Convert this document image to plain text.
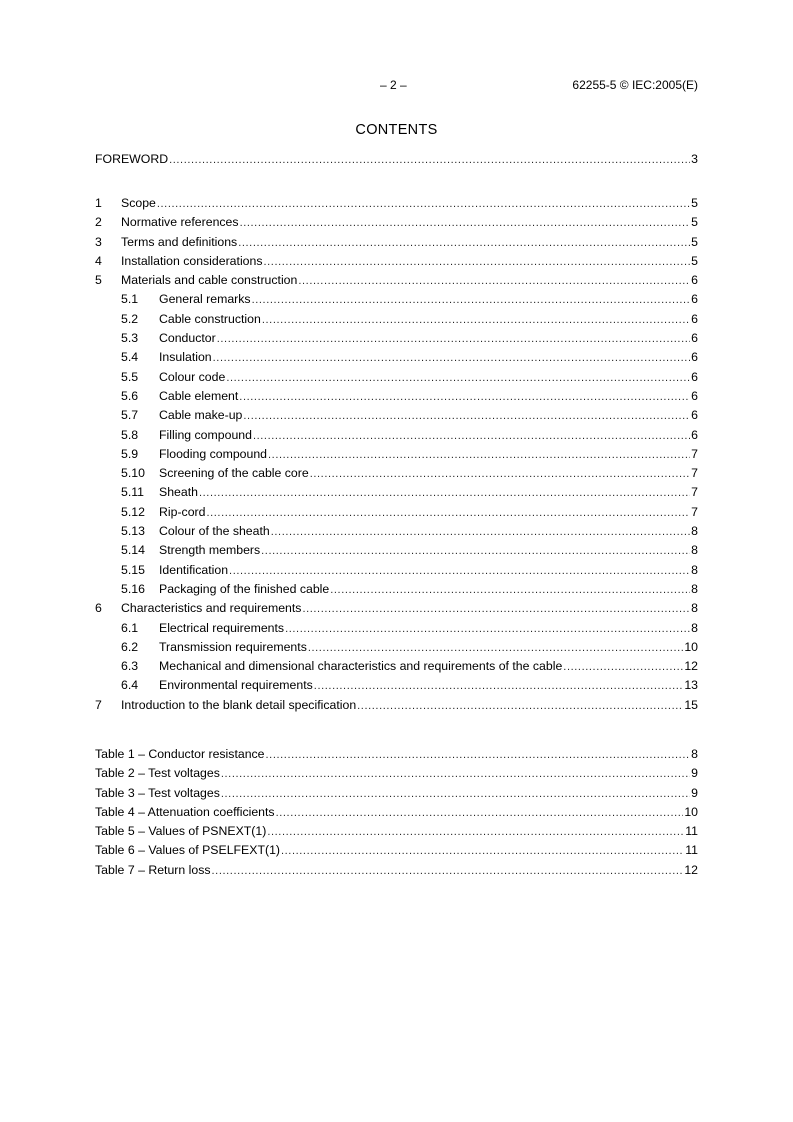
– 2 –	62255-5 © IEC:2005(E)
CONTENTS
FOREWORD .....	3
1	Scope .....	5
2	Normative references .....	5
3	Terms and definitions .....	5
4	Installation considerations .....	5
5	Materials and cable construction .....	6
5.1	General remarks .....	6
5.2	Cable construction .....	6
5.3	Conductor .....	6
5.4	Insulation .....	6
5.5	Colour code .....	6
5.6	Cable element .....	6
5.7	Cable make-up .....	6
5.8	Filling compound .....	6
5.9	Flooding compound .....	7
5.10	Screening of the cable core .....	7
5.11	Sheath .....	7
5.12	Rip-cord .....	7
5.13	Colour of the sheath .....	8
5.14	Strength members .....	8
5.15	Identification .....	8
5.16	Packaging of the finished cable .....	8
6	Characteristics and requirements .....	8
6.1	Electrical requirements .....	8
6.2	Transmission requirements .....	10
6.3	Mechanical and dimensional characteristics and requirements of the cable .....	12
6.4	Environmental requirements .....	13
7	Introduction to the blank detail specification .....	15
Table 1 – Conductor resistance .....	8
Table 2 – Test voltages .....	9
Table 3 – Test voltages .....	9
Table 4 – Attenuation coefficients .....	10
Table 5 – Values of PSNEXT(1) .....	11
Table 6 – Values of PSELFEXT(1) .....	11
Table 7 – Return loss .....	12
